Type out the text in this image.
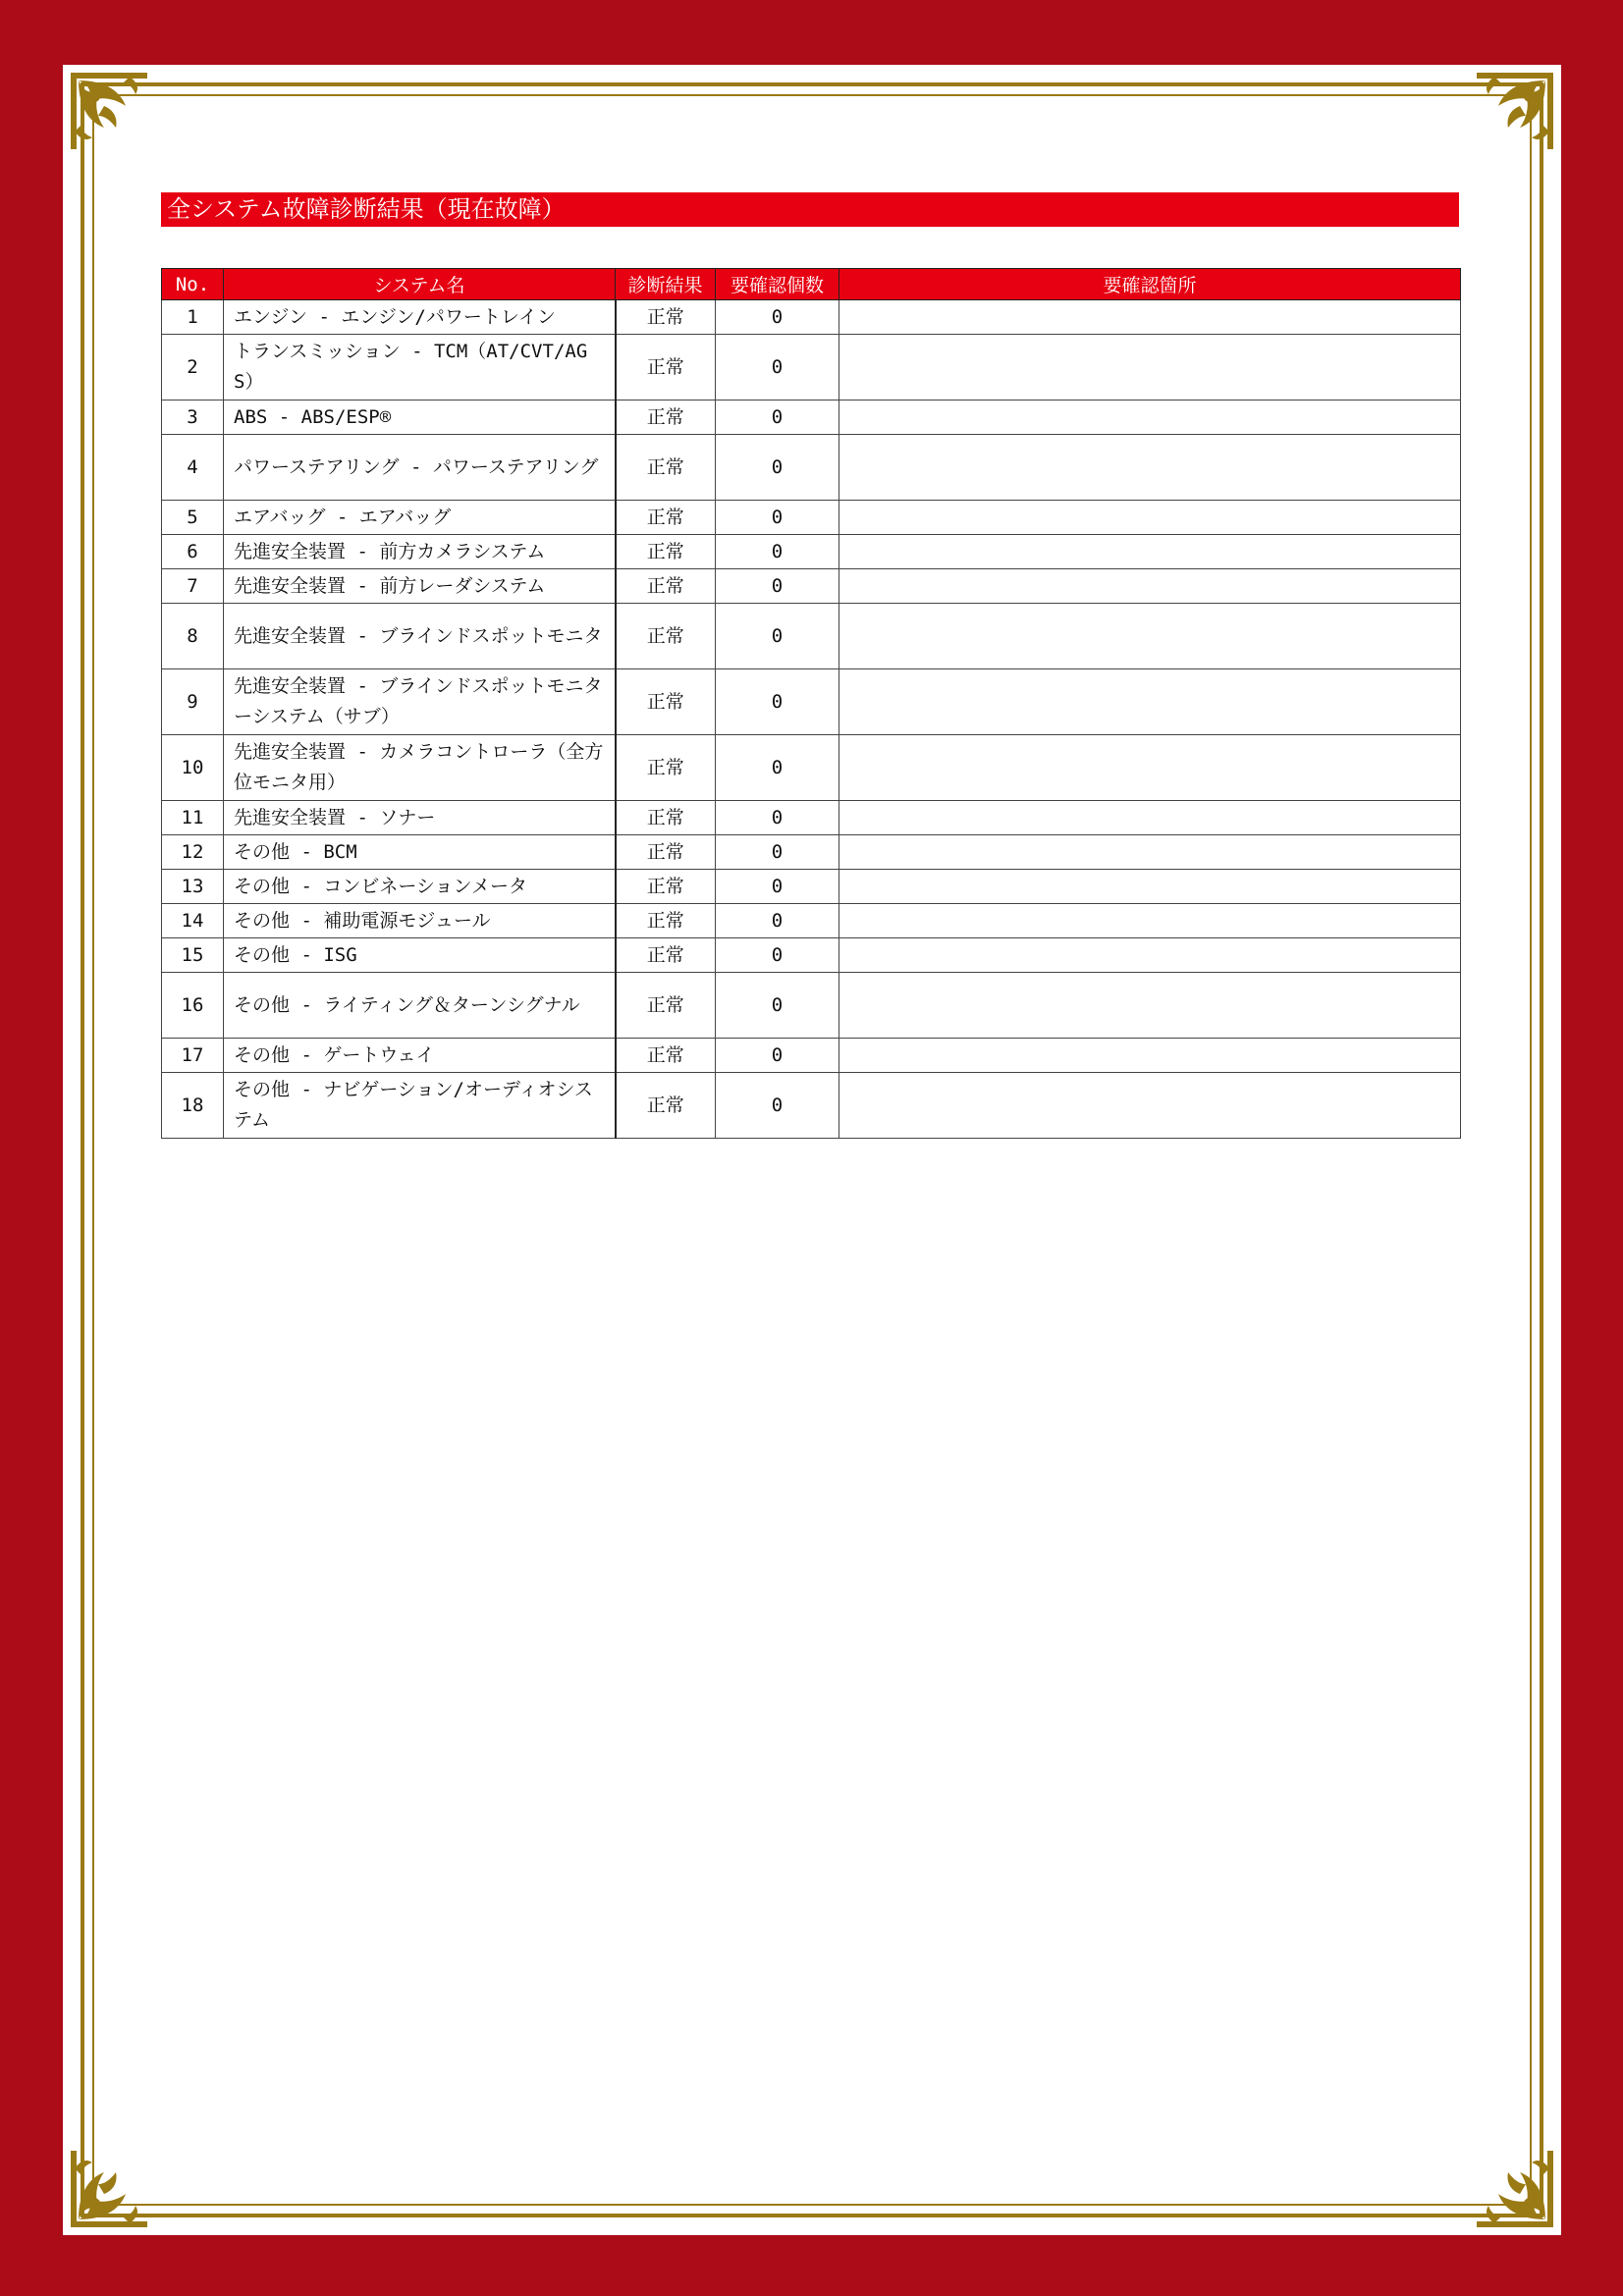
全システム故障診断結果（現在故障）
No.	システム名	診断結果	要確認個数	要確認箇所
1	エンジン - エンジン/パワートレイン	正常	0	
2	トランスミッション - TCM（AT/CVT/AGS）	正常	0	
3	ABS - ABS/ESP®	正常	0	
4	パワーステアリング - パワーステアリング	正常	0	
5	エアバッグ - エアバッグ	正常	0	
6	先進安全装置 - 前方カメラシステム	正常	0	
7	先進安全装置 - 前方レーダシステム	正常	0	
8	先進安全装置 - ブラインドスポットモニタ	正常	0	
9	先進安全装置 - ブラインドスポットモニターシステム（サブ）	正常	0	
10	先進安全装置 - カメラコントローラ（全方位モニタ用）	正常	0	
11	先進安全装置 - ソナー	正常	0	
12	その他 - BCM	正常	0	
13	その他 - コンビネーションメータ	正常	0	
14	その他 - 補助電源モジュール	正常	0	
15	その他 - ISG	正常	0	
16	その他 - ライティング＆ターンシグナル	正常	0	
17	その他 - ゲートウェイ	正常	0	
18	その他 - ナビゲーション/オーディオシステム	正常	0	
